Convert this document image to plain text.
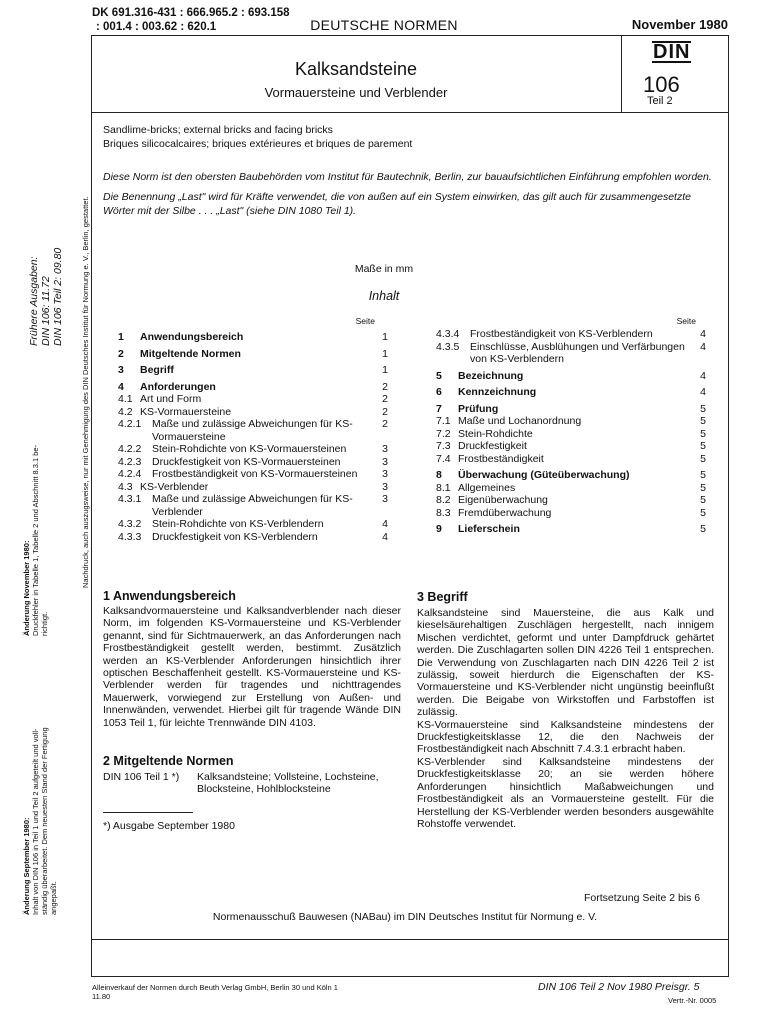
DK 691.316-431 : 666.965.2 : 693.158
: 001.4 : 003.62 : 620.1	DEUTSCHE NORMEN	November 1980
Kalksandsteine
Vormauersteine und Verblender
DIN
106
Teil 2
Sandlime-bricks; external bricks and facing bricks
Briques silicocalcaires; briques extérieures et briques de parement

Diese Norm ist den obersten Baubehörden vom Institut für Bautechnik, Berlin, zur bauaufsichtlichen Einführung empfohlen worden.

Die Benennung „Last" wird für Kräfte verwendet, die von außen auf ein System einwirken, das gilt auch für zusammengesetzte Wörter mit der Silbe . . . „Last" (siehe DIN 1080 Teil 1).

Maße in mm
Inhalt
Seite
1	Anwendungsbereich	1
2	Mitgeltende Normen	1
3	Begriff	1
4	Anforderungen	2
4.1 Art und Form	2
4.2 KS-Vormauersteine	2
4.2.1	Maße und zulässige Abweichungen für KS-Vormauersteine
2
4.2.2	Stein-Rohdichte von KS-Vormauersteinen	3
4.2.3	Druckfestigkeit von KS-Vormauersteinen	3
4.2.4	Frostbeständigkeit von KS-Vormauersteinen	3
4.3 KS-Verblender	3
4.3.1	Maße und zulässige Abweichungen für KS-Verblender
3
4.3.2	Stein-Rohdichte von KS-Verblendern	4
4.3.3	Druckfestigkeit von KS-Verblendern	4
Seite
4.3.4	Frostbeständigkeit von KS-Verblendern	4
4.3.5	Einschlüsse, Ausblühungen und Verfärbungen von KS-Verblendern
4
5	Bezeichnung	4
6	Kennzeichnung	4
7	Prüfung	5
7.1 Maße und Lochanordnung	5
7.2 Stein-Rohdichte	5
7.3 Druckfestigkeit	5
7.4 Frostbeständigkeit	5
8	Überwachung (Güteüberwachung)	5
8.1 Allgemeines	5
8.2 Eigenüberwachung	5
8.3 Fremdüberwachung	5
9	Lieferschein	5
1 Anwendungsbereich
Kalksandvormauersteine und Kalksandverblender nach dieser Norm, im folgenden KS-Vormauersteine und KS-Verblender genannt, sind für Sichtmauerwerk, an das Anforderungen nach Frostbeständigkeit gestellt werden, bestimmt. Zusätzlich werden an KS-Verblender Anforderungen hinsichtlich ihrer optischen Beschaffenheit gestellt. KS-Vormauersteine und KS-Verblender werden für tragendes und nichttragendes Mauerwerk, vorwiegend zur Erstellung von Außen- und Innenwänden, verwendet. Hierbei gilt für tragende Wände DIN 1053 Teil 1, für leichte Trennwände DIN 4103.
2 Mitgeltende Normen
DIN 106 Teil 1 *)	Kalksandsteine; Vollsteine, Lochsteine, Blocksteine, Hohlblocksteine
*) Ausgabe September 1980
3 Begriff

Kalksandsteine sind Mauersteine, die aus Kalk und kieselsäurehaltigen Zuschlägen hergestellt, nach innigem Mischen verdichtet, geformt und unter Dampfdruck gehärtet werden. Die Zuschlagarten sollen DIN 4226 Teil 1 entsprechen. Die Verwendung von Zuschlagarten nach DIN 4226 Teil 2 ist zulässig, soweit hierdurch die Eigenschaften der KS-Vormauersteine und KS-Verblender nicht ungünstig beeinflußt werden. Die Beigabe von Wirkstoffen und Farbstoffen ist zulässig.

KS-Vormauersteine sind Kalksandsteine mindestens der Druckfestigkeitsklasse 12, die den Nachweis der Frostbeständigkeit nach Abschnitt 7.4.3.1 erbracht haben.

KS-Verblender sind Kalksandsteine mindestens der Druckfestigkeitsklasse 20; an sie werden höhere Anforderungen hinsichtlich Maßabweichungen und Frostbeständigkeit als an Vormauersteine gestellt. Für die Herstellung der KS-Verblender werden besonders ausgewählte Rohstoffe verwendet.

Fortsetzung Seite 2 bis 6
Normenausschuß Bauwesen (NABau) im DIN Deutsches Institut für Normung e. V.
Alleinverkauf der Normen durch Beuth Verlag GmbH, Berlin 30 und Köln 1
11.80
DIN 106 Teil 2 Nov 1980 Preisgr. 5
Vertr.-Nr. 0005
Frühere Ausgaben: DIN 106: 11.72 DIN 106 Teil 2: 09.80 Nachdruck, auch auszugsweise, nur mit Genehmigung des DIN Deutsches Institut für Normung e. V., Berlin, gestattet.
Änderung November 1980: Druckfehler in Tabelle 1, Tabelle 2 und Abschnitt 8.3.1 be- richtigt.
Änderung September 1980: Inhalt von DIN 106 in Teil 1 und Teil 2 aufgeteilt und voll- ständig überarbeitet. Dem neuesten Stand der Fertigung angepaßt.
